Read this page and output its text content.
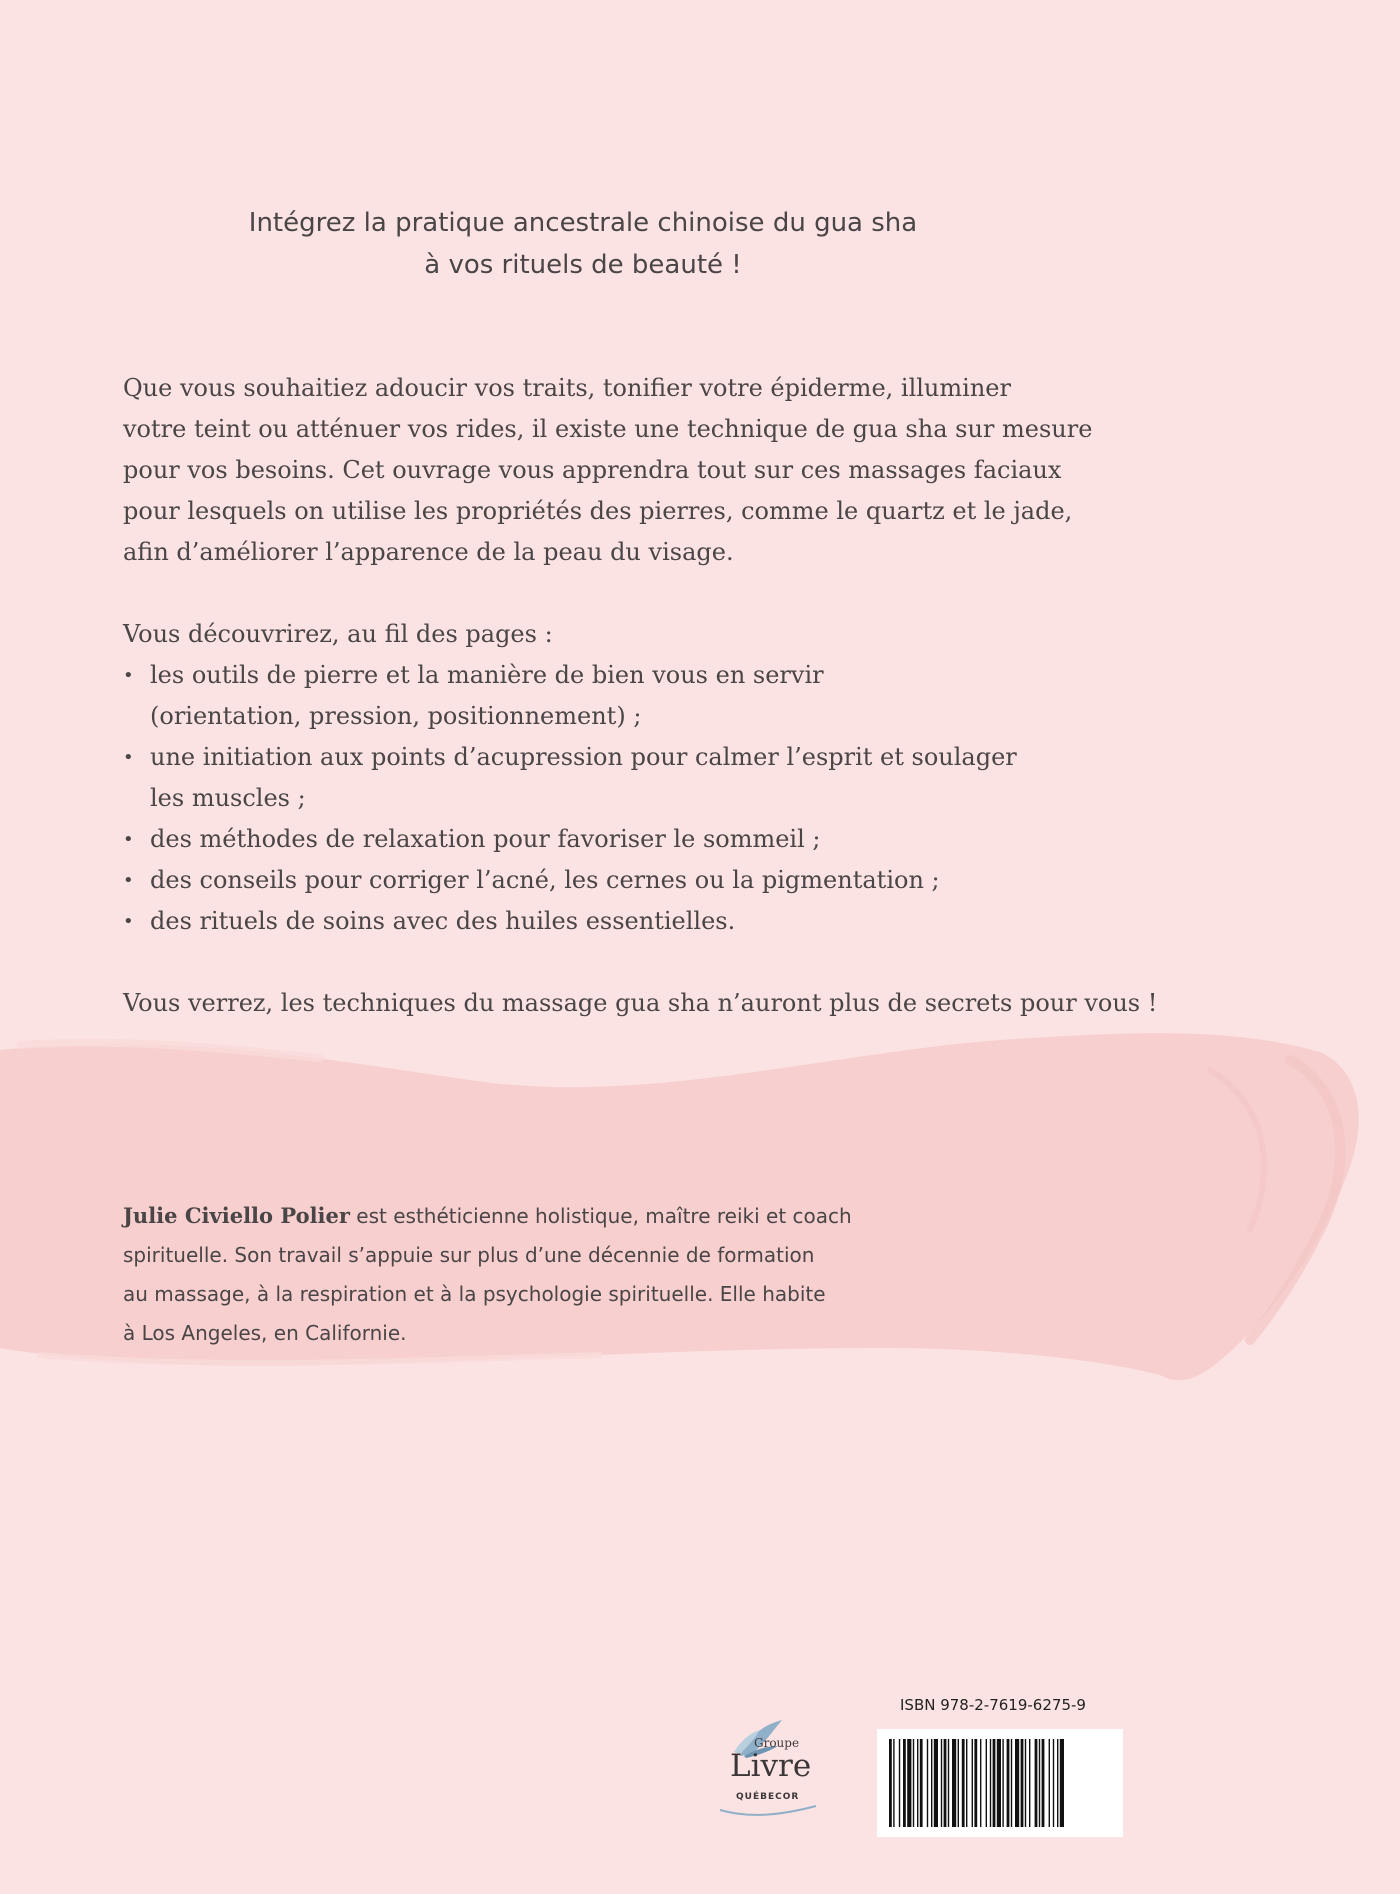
Intégrez la pratique ancestrale chinoise du gua sha
à vos rituels de beauté !
Que vous souhaitiez adoucir vos traits, tonifier votre épiderme, illuminer
votre teint ou atténuer vos rides, il existe une technique de gua sha sur mesure
pour vos besoins. Cet ouvrage vous apprendra tout sur ces massages faciaux
pour lesquels on utilise les propriétés des pierres, comme le quartz et le jade,
afin d’améliorer l’apparence de la peau du visage.
Vous découvrirez, au fil des pages :
• les outils de pierre et la manière de bien vous en servir
(orientation, pression, positionnement) ;
• une initiation aux points d’acupression pour calmer l’esprit et soulager
les muscles ;
• des méthodes de relaxation pour favoriser le sommeil ;
• des conseils pour corriger l’acné, les cernes ou la pigmentation ;
• des rituels de soins avec des huiles essentielles.
Vous verrez, les techniques du massage gua sha n’auront plus de secrets pour vous !
Julie Civiello Polier est esthéticienne holistique, maître reiki et coach
spirituelle. Son travail s’appuie sur plus d’une décennie de formation
au massage, à la respiration et à la psychologie spirituelle. Elle habite
à Los Angeles, en Californie.
Groupe
Livre
QUÉBECOR
ISBN 978-2-7619-6275-9
